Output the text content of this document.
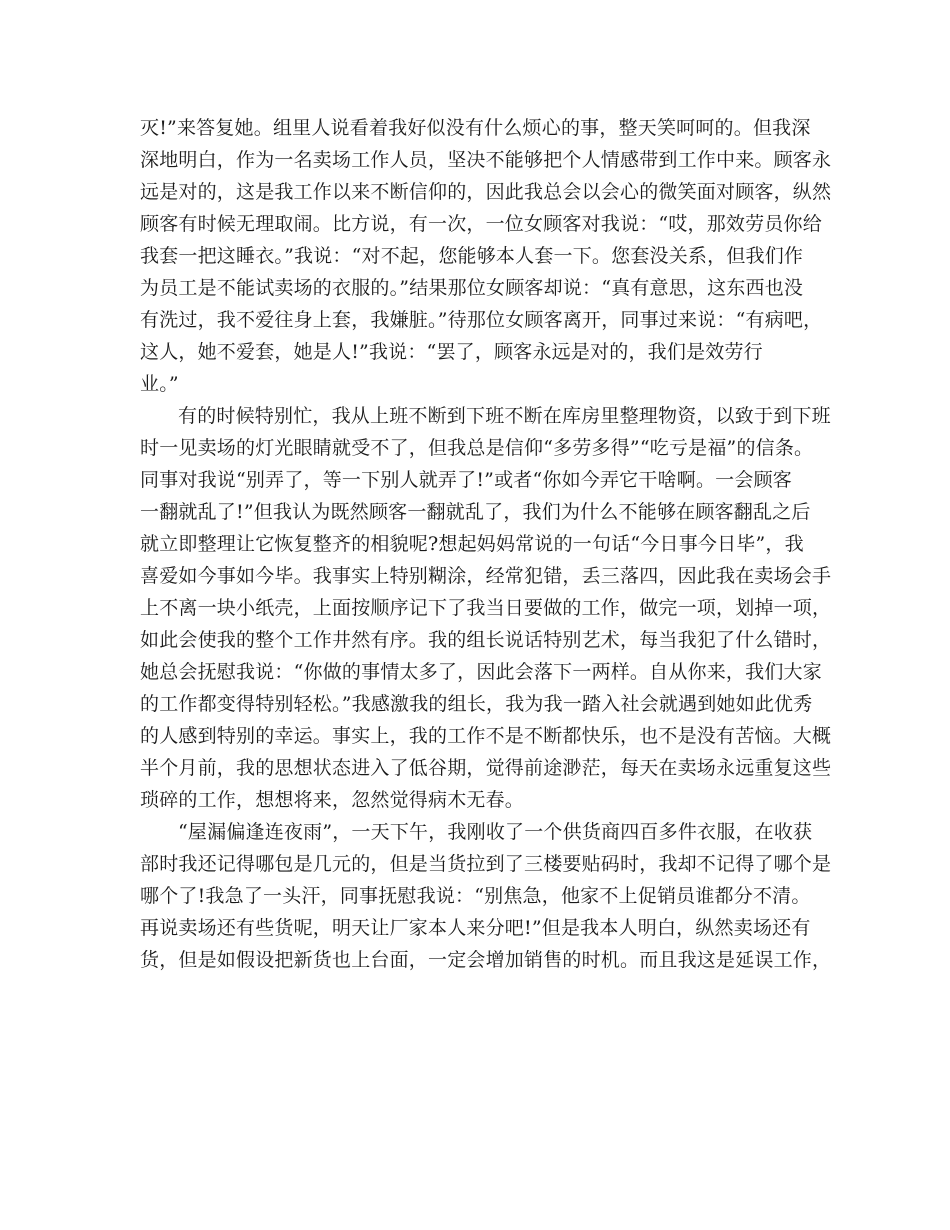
灭!”来答复她。组里人说看着我好似没有什么烦心的事，整天笑呵呵的。但我深
深地明白，作为一名卖场工作人员，坚决不能够把个人情感带到工作中来。顾客永
远是对的，这是我工作以来不断信仰的，因此我总会以会心的微笑面对顾客，纵然
顾客有时候无理取闹。比方说，有一次，一位女顾客对我说：“哎，那效劳员你给
我套一把这睡衣。”我说：“对不起，您能够本人套一下。您套没关系，但我们作
为员工是不能试卖场的衣服的。”结果那位女顾客却说：“真有意思，这东西也没
有洗过，我不爱往身上套，我嫌脏。”待那位女顾客离开，同事过来说：“有病吧，
这人，她不爱套，她是人!”我说：“罢了，顾客永远是对的，我们是效劳行
业。”
有的时候特别忙，我从上班不断到下班不断在库房里整理物资，以致于到下班
时一见卖场的灯光眼睛就受不了，但我总是信仰“多劳多得”“吃亏是福”的信条。
同事对我说“别弄了，等一下别人就弄了!”或者“你如今弄它干啥啊。一会顾客
一翻就乱了!”但我认为既然顾客一翻就乱了，我们为什么不能够在顾客翻乱之后
就立即整理让它恢复整齐的相貌呢?想起妈妈常说的一句话“今日事今日毕”，我
喜爱如今事如今毕。我事实上特别糊涂，经常犯错，丢三落四，因此我在卖场会手
上不离一块小纸壳，上面按顺序记下了我当日要做的工作，做完一项，划掉一项，
如此会使我的整个工作井然有序。我的组长说话特别艺术，每当我犯了什么错时，
她总会抚慰我说：“你做的事情太多了，因此会落下一两样。自从你来，我们大家
的工作都变得特别轻松。”我感激我的组长，我为我一踏入社会就遇到她如此优秀
的人感到特别的幸运。事实上，我的工作不是不断都快乐，也不是没有苦恼。大概
半个月前，我的思想状态进入了低谷期，觉得前途渺茫，每天在卖场永远重复这些
琐碎的工作，想想将来，忽然觉得病木无春。
“屋漏偏逢连夜雨”，一天下午，我刚收了一个供货商四百多件衣服，在收获
部时我还记得哪包是几元的，但是当货拉到了三楼要贴码时，我却不记得了哪个是
哪个了!我急了一头汗，同事抚慰我说：“别焦急，他家不上促销员谁都分不清。
再说卖场还有些货呢，明天让厂家本人来分吧!”但是我本人明白，纵然卖场还有
货，但是如假设把新货也上台面，一定会增加销售的时机。而且我这是延误工作，
